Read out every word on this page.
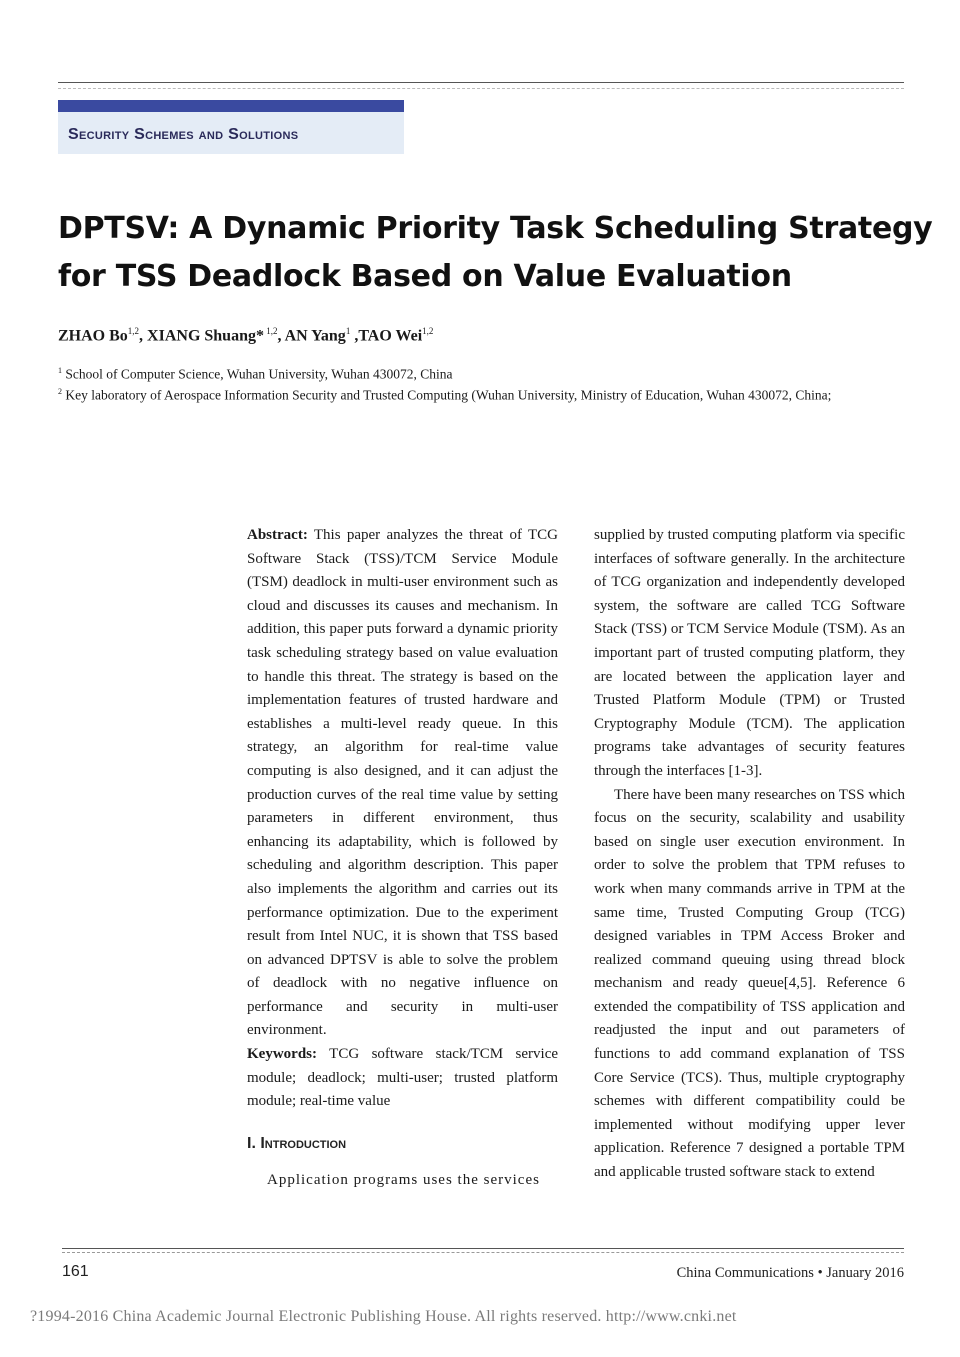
Security Schemes and Solutions
DPTSV: A Dynamic Priority Task Scheduling Strategy
for TSS Deadlock Based on Value Evaluation
ZHAO Bo$^{1,2}$, XIANG Shuang* $^{1,2}$, AN Yang$^1$ ,TAO Wei$^{1,2}$
$^1$ School of Computer Science, Wuhan University, Wuhan 430072, China
$^2$ Key laboratory of Aerospace Information Security and Trusted Computing (Wuhan University, Ministry of Education, Wuhan 430072, China;

Abstract: This paper analyzes the threat of TCG Software Stack (TSS)/TCM Service Module (TSM) deadlock in multi-user environment such as cloud and discusses its causes and mechanism. In addition, this paper puts forward a dynamic priority task scheduling strategy based on value evaluation to handle this threat. The strategy is based on the implementation features of trusted hardware and establishes a multi-level ready queue. In this strategy, an algorithm for real-time value computing is also designed, and it can adjust the production curves of the real time value by setting parameters in different environment, thus enhancing its adaptability, which is followed by scheduling and algorithm description. This paper also implements the algorithm and carries out its performance optimization. Due to the experiment result from Intel NUC, it is shown that TSS based on advanced DPTSV is able to solve the problem of deadlock with no negative influence on performance and security in multi-user environment.

Keywords: TCG software stack/TCM service module; deadlock; multi-user; trusted platform module; real-time value

I. Introduction

Application programs uses the services

supplied by trusted computing platform via specific interfaces of software generally. In the architecture of TCG organization and independently developed system, the software are called TCG Software Stack (TSS) or TCM Service Module (TSM). As an important part of trusted computing platform, they are located between the application layer and Trusted Platform Module (TPM) or Trusted Cryptography Module (TCM). The application programs take advantages of security features through the interfaces [1-3].

There have been many researches on TSS which focus on the security, scalability and usability based on single user execution environment. In order to solve the problem that TPM refuses to work when many commands arrive in TPM at the same time, Trusted Computing Group (TCG) designed variables in TPM Access Broker and realized command queuing using thread block mechanism and ready queue[4,5]. Reference 6 extended the compatibility of TSS application and readjusted the input and out parameters of functions to add command explanation of TSS Core Service (TCS). Thus, multiple cryptography schemes with different compatibility could be implemented without modifying upper lever application. Reference 7 designed a portable TPM and applicable trusted software stack to extend

161	China Communications • January 2016
?1994-2016 China Academic Journal Electronic Publishing House. All rights reserved. http://www.cnki.net
